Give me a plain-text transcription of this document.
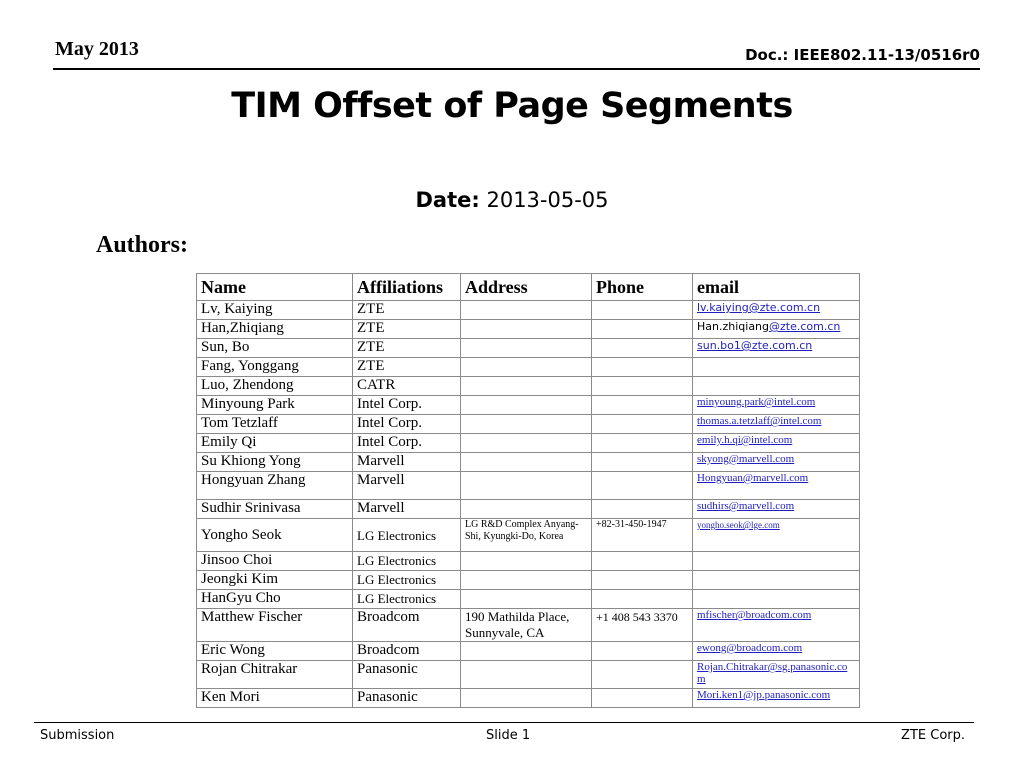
May 2013	Doc.: IEEE802.11-13/0516r0
TIM Offset of Page Segments
Date: 2013-05-05
Authors:
Name	Affiliations	Address	Phone	email
Lv, Kaiying	ZTE			lv.kaiying@zte.com.cn
Han,Zhiqiang	ZTE			Han.zhiqiang@zte.com.cn
Sun, Bo	ZTE			sun.bo1@zte.com.cn
Fang, Yonggang	ZTE			
Luo, Zhendong	CATR			
Minyoung Park	Intel Corp.			minyoung.park@intel.com
Tom Tetzlaff	Intel Corp.			thomas.a.tetzlaff@intel.com
Emily Qi	Intel Corp.			emily.h.qi@intel.com
Su Khiong Yong	Marvell			skyong@marvell.com
Hongyuan Zhang	Marvell			Hongyuan@marvell.com
Sudhir Srinivasa	Marvell			sudhirs@marvell.com
Yongho Seok	LG Electronics	LG R&D Complex Anyang-Shi, Kyungki-Do, Korea	+82-31-450-1947	yongho.seok@lge.com
Jinsoo Choi	LG Electronics			
Jeongki Kim	LG Electronics			
HanGyu Cho	LG Electronics			
Matthew Fischer	Broadcom	190 Mathilda Place, Sunnyvale, CA	+1 408 543 3370	mfischer@broadcom.com
Eric Wong	Broadcom			ewong@broadcom.com
Rojan Chitrakar	Panasonic			Rojan.Chitrakar@sg.panasonic.com
Ken Mori	Panasonic			Mori.ken1@jp.panasonic.com
Submission	Slide 1	ZTE Corp.
